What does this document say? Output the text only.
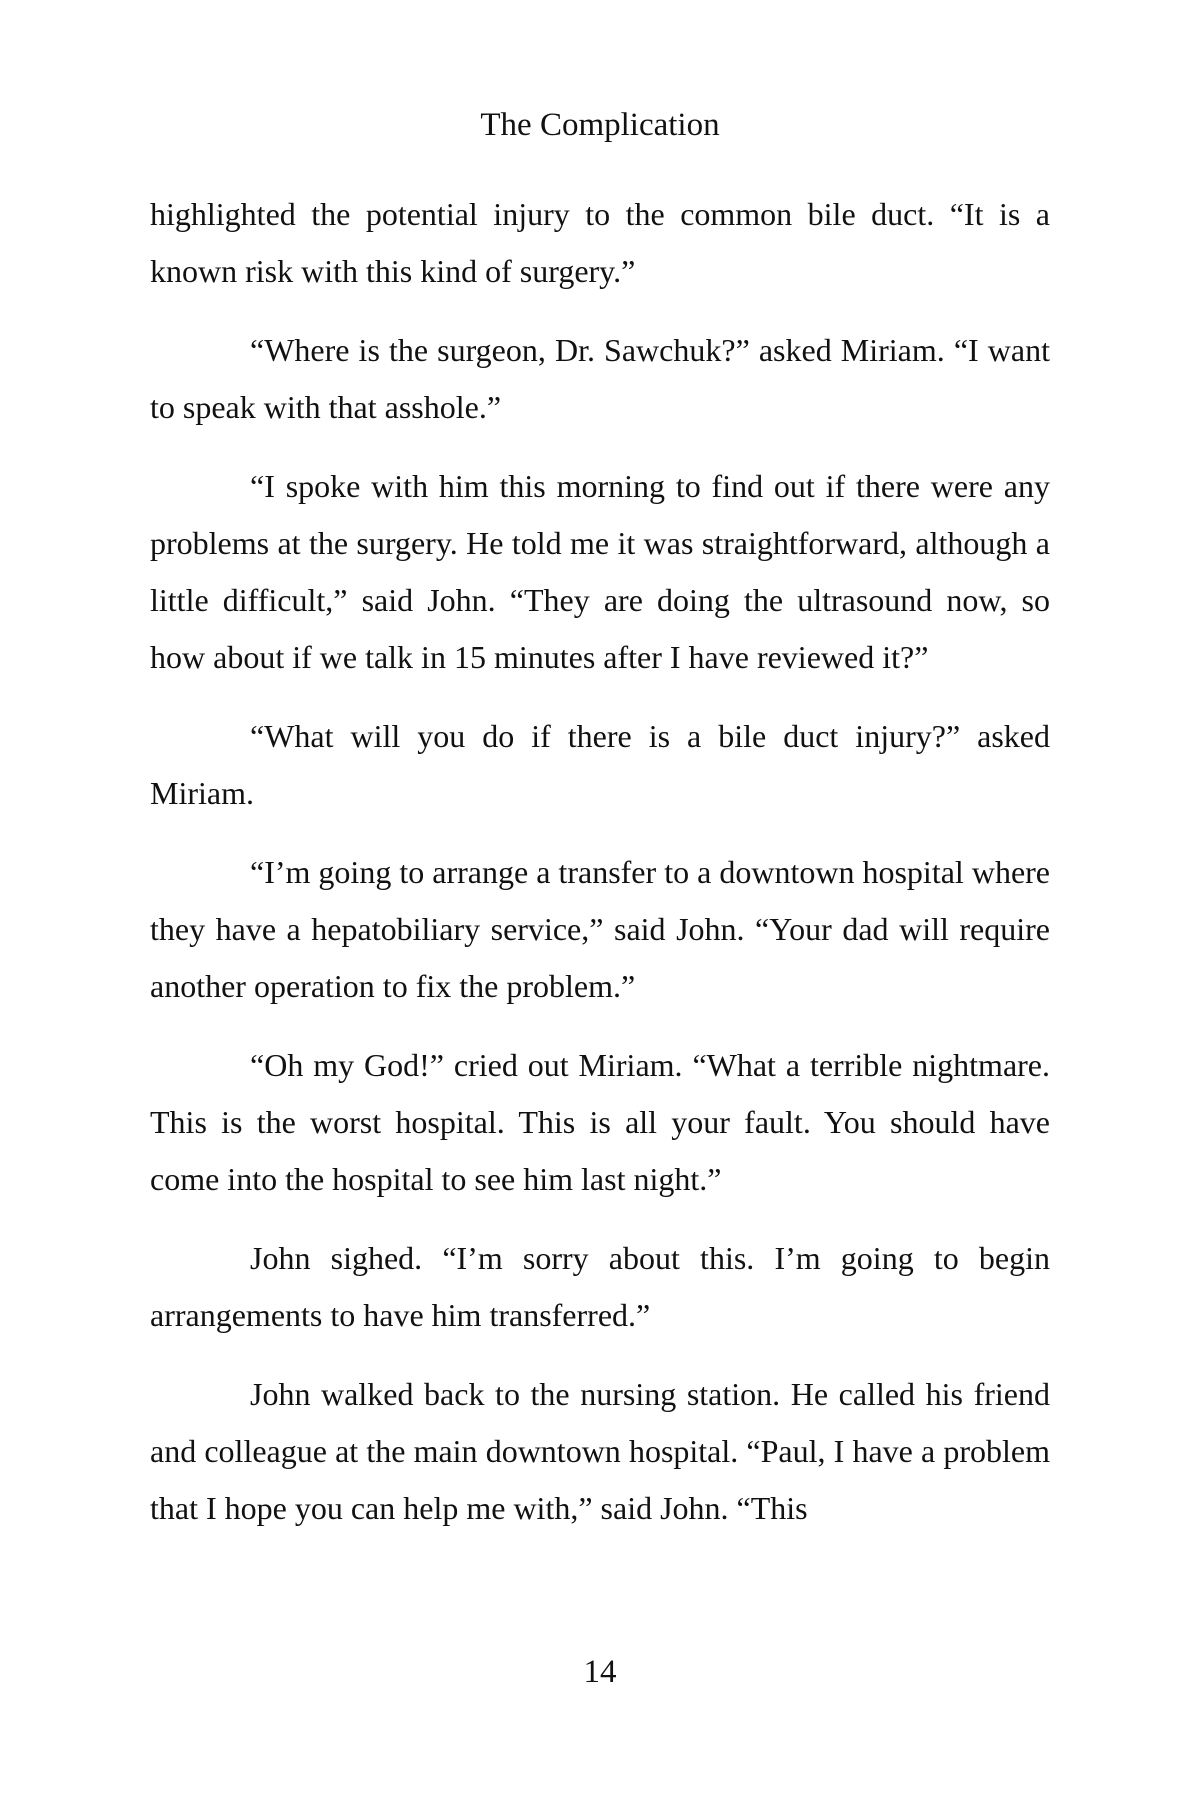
The Complication

highlighted the potential injury to the common bile duct. “It is a known risk with this kind of surgery.”

“Where is the surgeon, Dr. Sawchuk?” asked Miriam. “I want to speak with that asshole.”

“I spoke with him this morning to find out if there were any problems at the surgery. He told me it was straightforward, although a little difficult,” said John. “They are doing the ultrasound now, so how about if we talk in 15 minutes after I have reviewed it?”

“What will you do if there is a bile duct injury?” asked Miriam.

“I’m going to arrange a transfer to a downtown hospital where they have a hepatobiliary service,” said John. “Your dad will require another operation to fix the problem.”

“Oh my God!” cried out Miriam. “What a terrible nightmare. This is the worst hospital. This is all your fault. You should have come into the hospital to see him last night.”

John sighed. “I’m sorry about this. I’m going to begin arrangements to have him transferred.”

John walked back to the nursing station. He called his friend and colleague at the main downtown hospital. “Paul, I have a problem that I hope you can help me with,” said John. “This

14
